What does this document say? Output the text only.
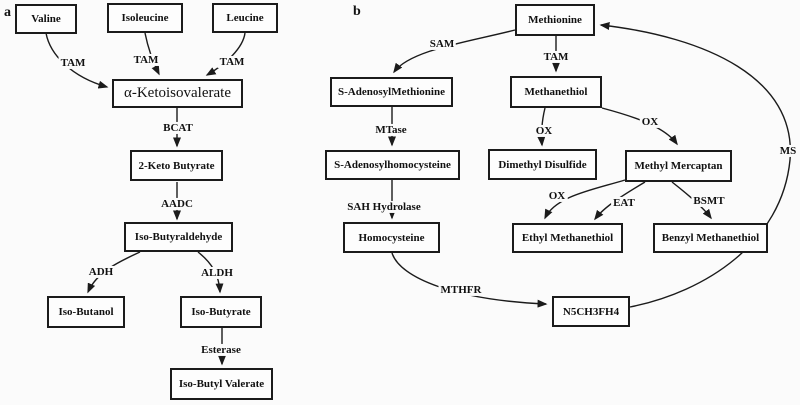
a	b
TAM	TAM	TAM
BCAT
AADC
ADH	ALDH
Esterase
SAM
TAM
MTase	OX
OX
OX
SAH Hydrolase	EAT	BSMT
MTHFR
MS
Valine	Isoleucine	Leucine
α-Ketoisovalerate
2-Keto Butyrate
Iso-Butyraldehyde
Iso-Butanol	Iso-Butyrate
Iso-Butyl Valerate
Methionine
S-AdenosylMethionine	Methanethiol
S-Adenosylhomocysteine	Dimethyl Disulfide	Methyl Mercaptan
Homocysteine	Ethyl Methanethiol	Benzyl Methanethiol
N5CH3FH4
